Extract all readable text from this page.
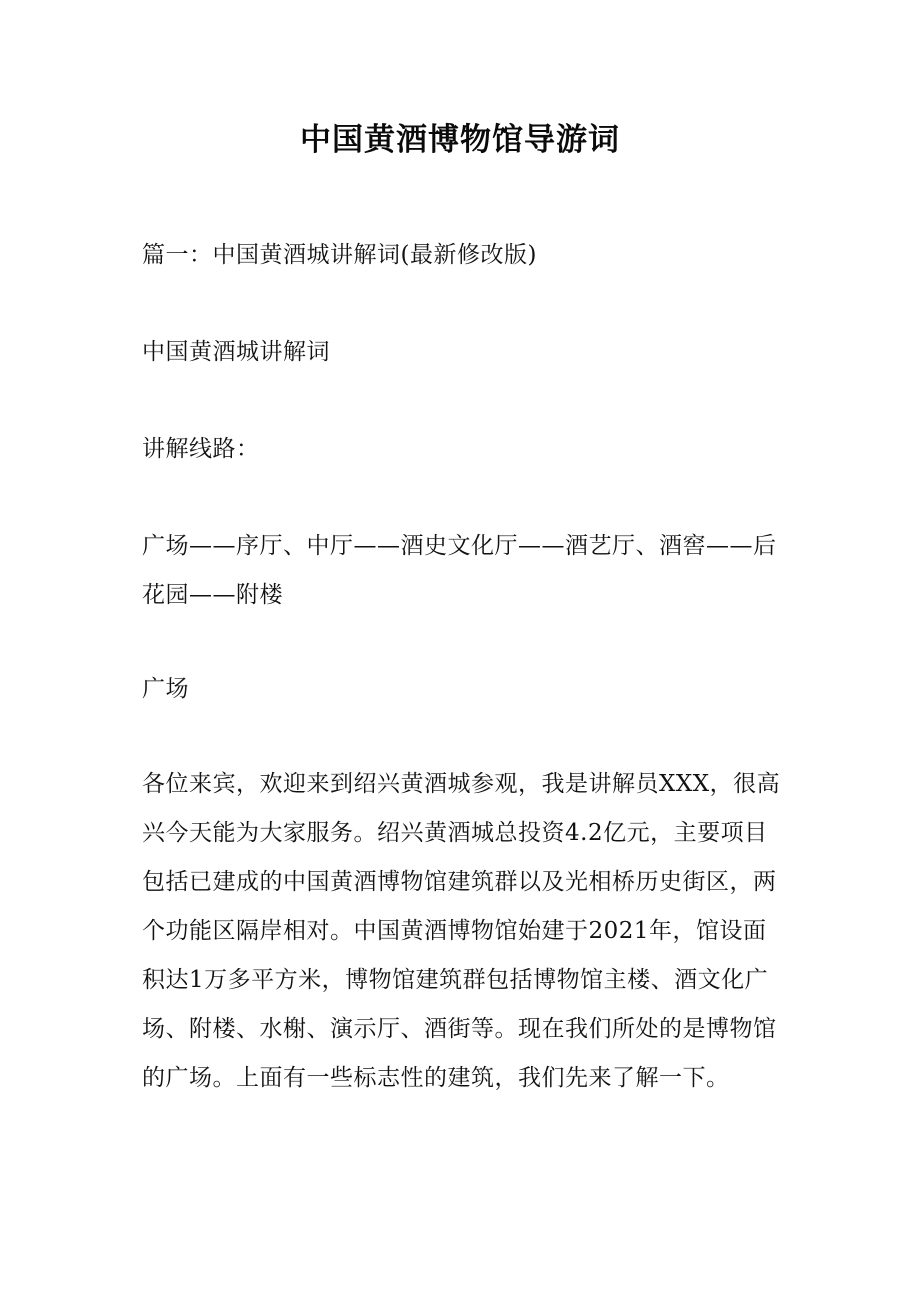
中国黄酒博物馆导游词
篇一：中国黄酒城讲解词(最新修改版)
中国黄酒城讲解词
讲解线路：
广场——序厅、中厅——酒史文化厅——酒艺厅、酒窖——后花园——附楼
广场
各位来宾，欢迎来到绍兴黄酒城参观，我是讲解员XXX，很高兴今天能为大家服务。绍兴黄酒城总投资4.2亿元，主要项目包括已建成的中国黄酒博物馆建筑群以及光相桥历史街区，两个功能区隔岸相对。中国黄酒博物馆始建于2021年，馆设面积达1万多平方米，博物馆建筑群包括博物馆主楼、酒文化广场、附楼、水榭、演示厅、酒街等。现在我们所处的是博物馆的广场。上面有一些标志性的建筑，我们先来了解一下。
